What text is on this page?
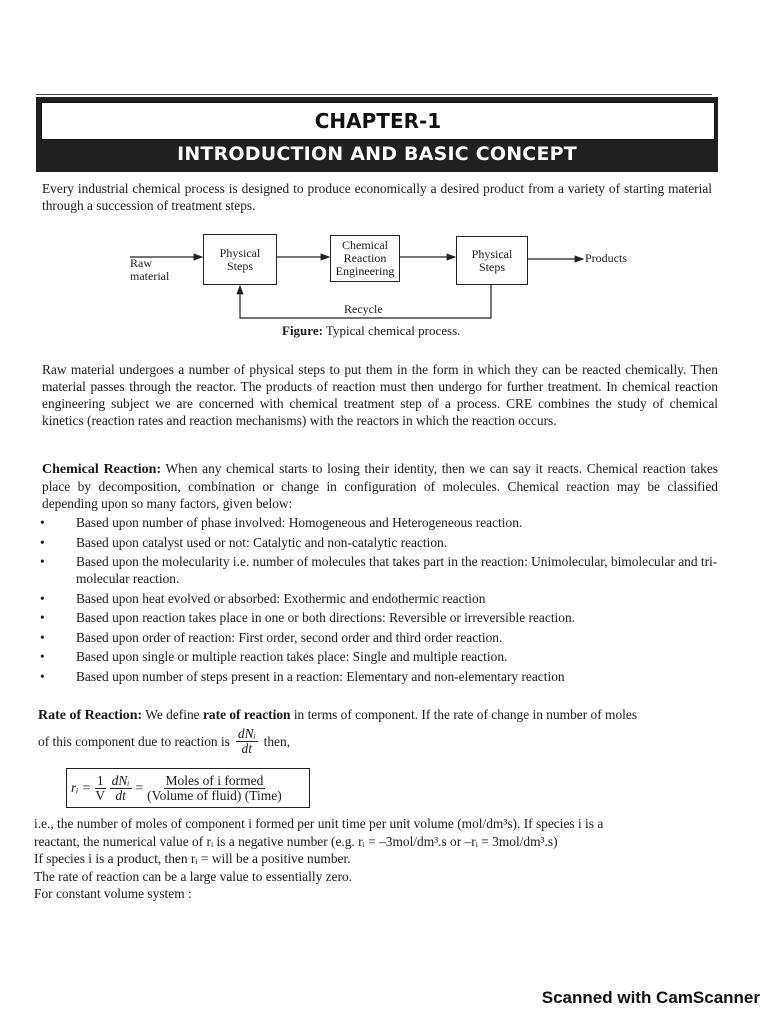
CHAPTER-1
INTRODUCTION AND BASIC CONCEPT
Every industrial chemical process is designed to produce economically a desired product from a variety of starting material through a succession of treatment steps.
Raw
material
Physical
Steps
Chemical
Reaction
Engineering
Physical
Steps
Products
Recycle
Figure: Typical chemical process.
Raw material undergoes a number of physical steps to put them in the form in which they can be reacted chemically. Then material passes through the reactor. The products of reaction must then undergo for further treatment. In chemical reaction engineering subject we are concerned with chemical treatment step of a process. CRE combines the study of chemical kinetics (reaction rates and reaction mechanisms) with the reactors in which the reaction occurs.
Chemical Reaction: When any chemical starts to losing their identity, then we can say it reacts. Chemical reaction takes place by decomposition, combination or change in configuration of molecules. Chemical reaction may be classified depending upon so many factors, given below:
• Based upon number of phase involved: Homogeneous and Heterogeneous reaction.
• Based upon catalyst used or not: Catalytic and non-catalytic reaction.
• Based upon the molecularity i.e. number of molecules that takes part in the reaction: Unimolecular, bimolecular and tri-molecular reaction.
• Based upon heat evolved or absorbed: Exothermic and endothermic reaction
• Based upon reaction takes place in one or both directions: Reversible or irreversible reaction.
• Based upon order of reaction: First order, second order and third order reaction.
• Based upon single or multiple reaction takes place: Single and multiple reaction.
• Based upon number of steps present in a reaction: Elementary and non-elementary reaction
Rate of Reaction: We define rate of reaction in terms of component. If the rate of change in number of moles
of this component due to reaction is $\frac{\text{dNᵢ}}{dt}$ then,
rᵢ = $\frac{1}{V} \frac{\text{dNᵢ}}{dt} = \frac{\text{Moles of i formed}}{\text{(Volume of fluid) (Time)}}$
i.e., the number of moles of component i formed per unit time per unit volume (mol/dm³s). If species i is a
reactant, the numerical value of rᵢ is a negative number (e.g. rᵢ = –3mol/dm³.s or –rᵢ = 3mol/dm³.s)
If species i is a product, then rᵢ = will be a positive number.
The rate of reaction can be a large value to essentially zero.
For constant volume system :
Scanned with CamScanner
